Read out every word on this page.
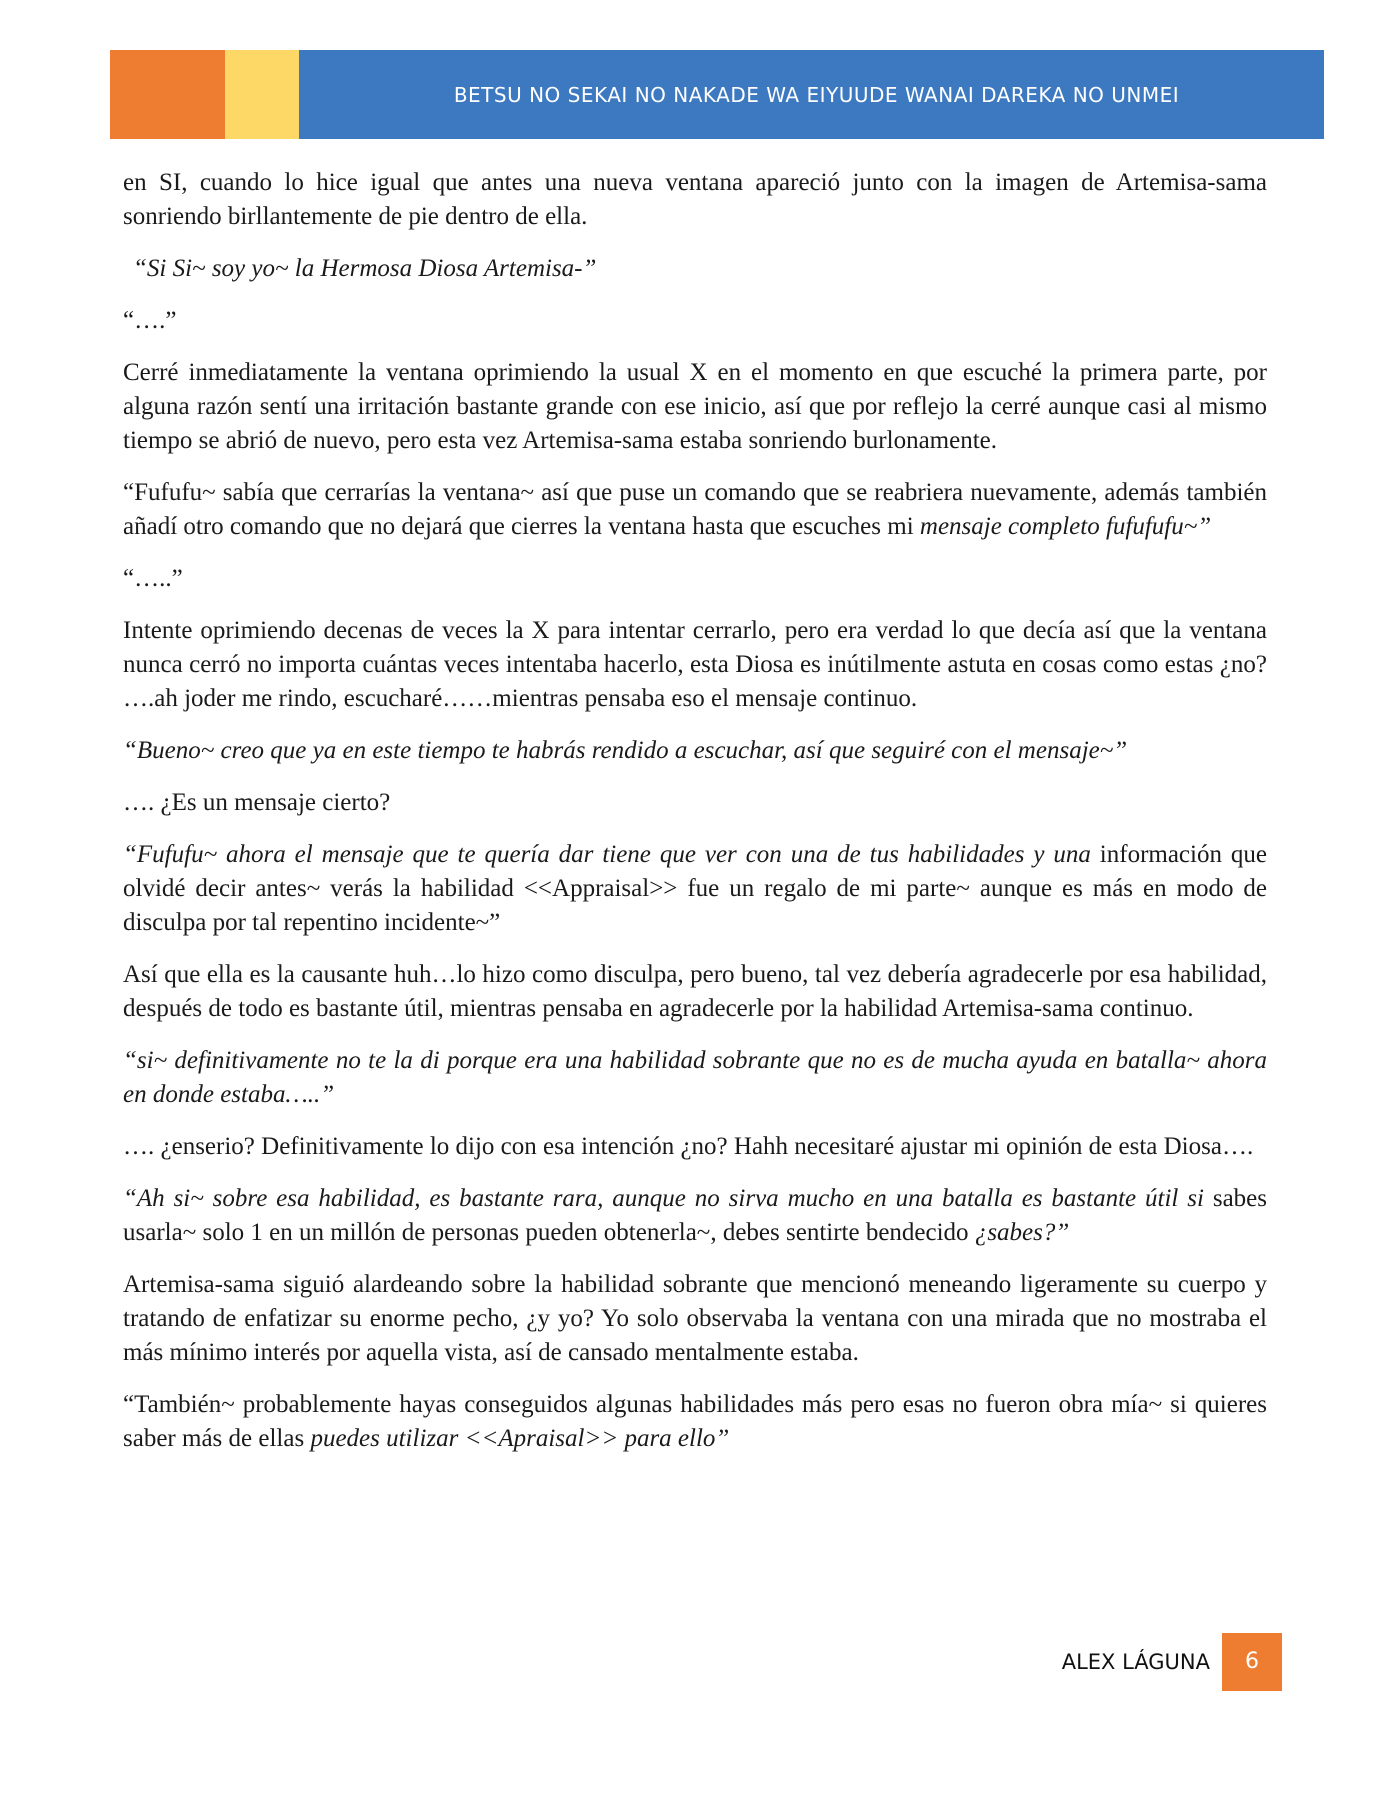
BETSU NO SEKAI NO NAKADE WA EIYUUDE WANAI DAREKA NO UNMEI

en SI, cuando lo hice igual que antes una nueva ventana apareció junto con la imagen de Artemisa-sama sonriendo birllantemente de pie dentro de ella.

“Si Si~ soy yo~ la Hermosa Diosa Artemisa-”

“….”

Cerré inmediatamente la ventana oprimiendo la usual X en el momento en que escuché la primera parte, por alguna razón sentí una irritación bastante grande con ese inicio, así que por reflejo la cerré aunque casi al mismo tiempo se abrió de nuevo, pero esta vez Artemisa-sama estaba sonriendo burlonamente.

“Fufufu~ sabía que cerrarías la ventana~ así que puse un comando que se reabriera nuevamente, además también añadí otro comando que no dejará que cierres la ventana hasta que escuches mi mensaje completo fufufufu~”

“…..”

Intente oprimiendo decenas de veces la X para intentar cerrarlo, pero era verdad lo que decía así que la ventana nunca cerró no importa cuántas veces intentaba hacerlo, esta Diosa es inútilmente astuta en cosas como estas ¿no? ….ah joder me rindo, escucharé……mientras pensaba eso el mensaje continuo.

“Bueno~ creo que ya en este tiempo te habrás rendido a escuchar, así que seguiré con el mensaje~”

…. ¿Es un mensaje cierto?

“Fufufu~ ahora el mensaje que te quería dar tiene que ver con una de tus habilidades y una información que olvidé decir antes~ verás la habilidad <<Appraisal>> fue un regalo de mi parte~ aunque es más en modo de disculpa por tal repentino incidente~”

Así que ella es la causante huh…lo hizo como disculpa, pero bueno, tal vez debería agradecerle por esa habilidad, después de todo es bastante útil, mientras pensaba en agradecerle por la habilidad Artemisa-sama continuo.

“si~ definitivamente no te la di porque era una habilidad sobrante que no es de mucha ayuda en batalla~ ahora en donde estaba…..”

…. ¿enserio? Definitivamente lo dijo con esa intención ¿no? Hahh necesitaré ajustar mi opinión de esta Diosa….

“Ah si~ sobre esa habilidad, es bastante rara, aunque no sirva mucho en una batalla es bastante útil si sabes usarla~ solo 1 en un millón de personas pueden obtenerla~, debes sentirte bendecido ¿sabes?”

Artemisa-sama siguió alardeando sobre la habilidad sobrante que mencionó meneando ligeramente su cuerpo y tratando de enfatizar su enorme pecho, ¿y yo? Yo solo observaba la ventana con una mirada que no mostraba el más mínimo interés por aquella vista, así de cansado mentalmente estaba.

“También~ probablemente hayas conseguidos algunas habilidades más pero esas no fueron obra mía~ si quieres saber más de ellas puedes utilizar <<Apraisal>> para ello”

ALEX LÁGUNA	6
